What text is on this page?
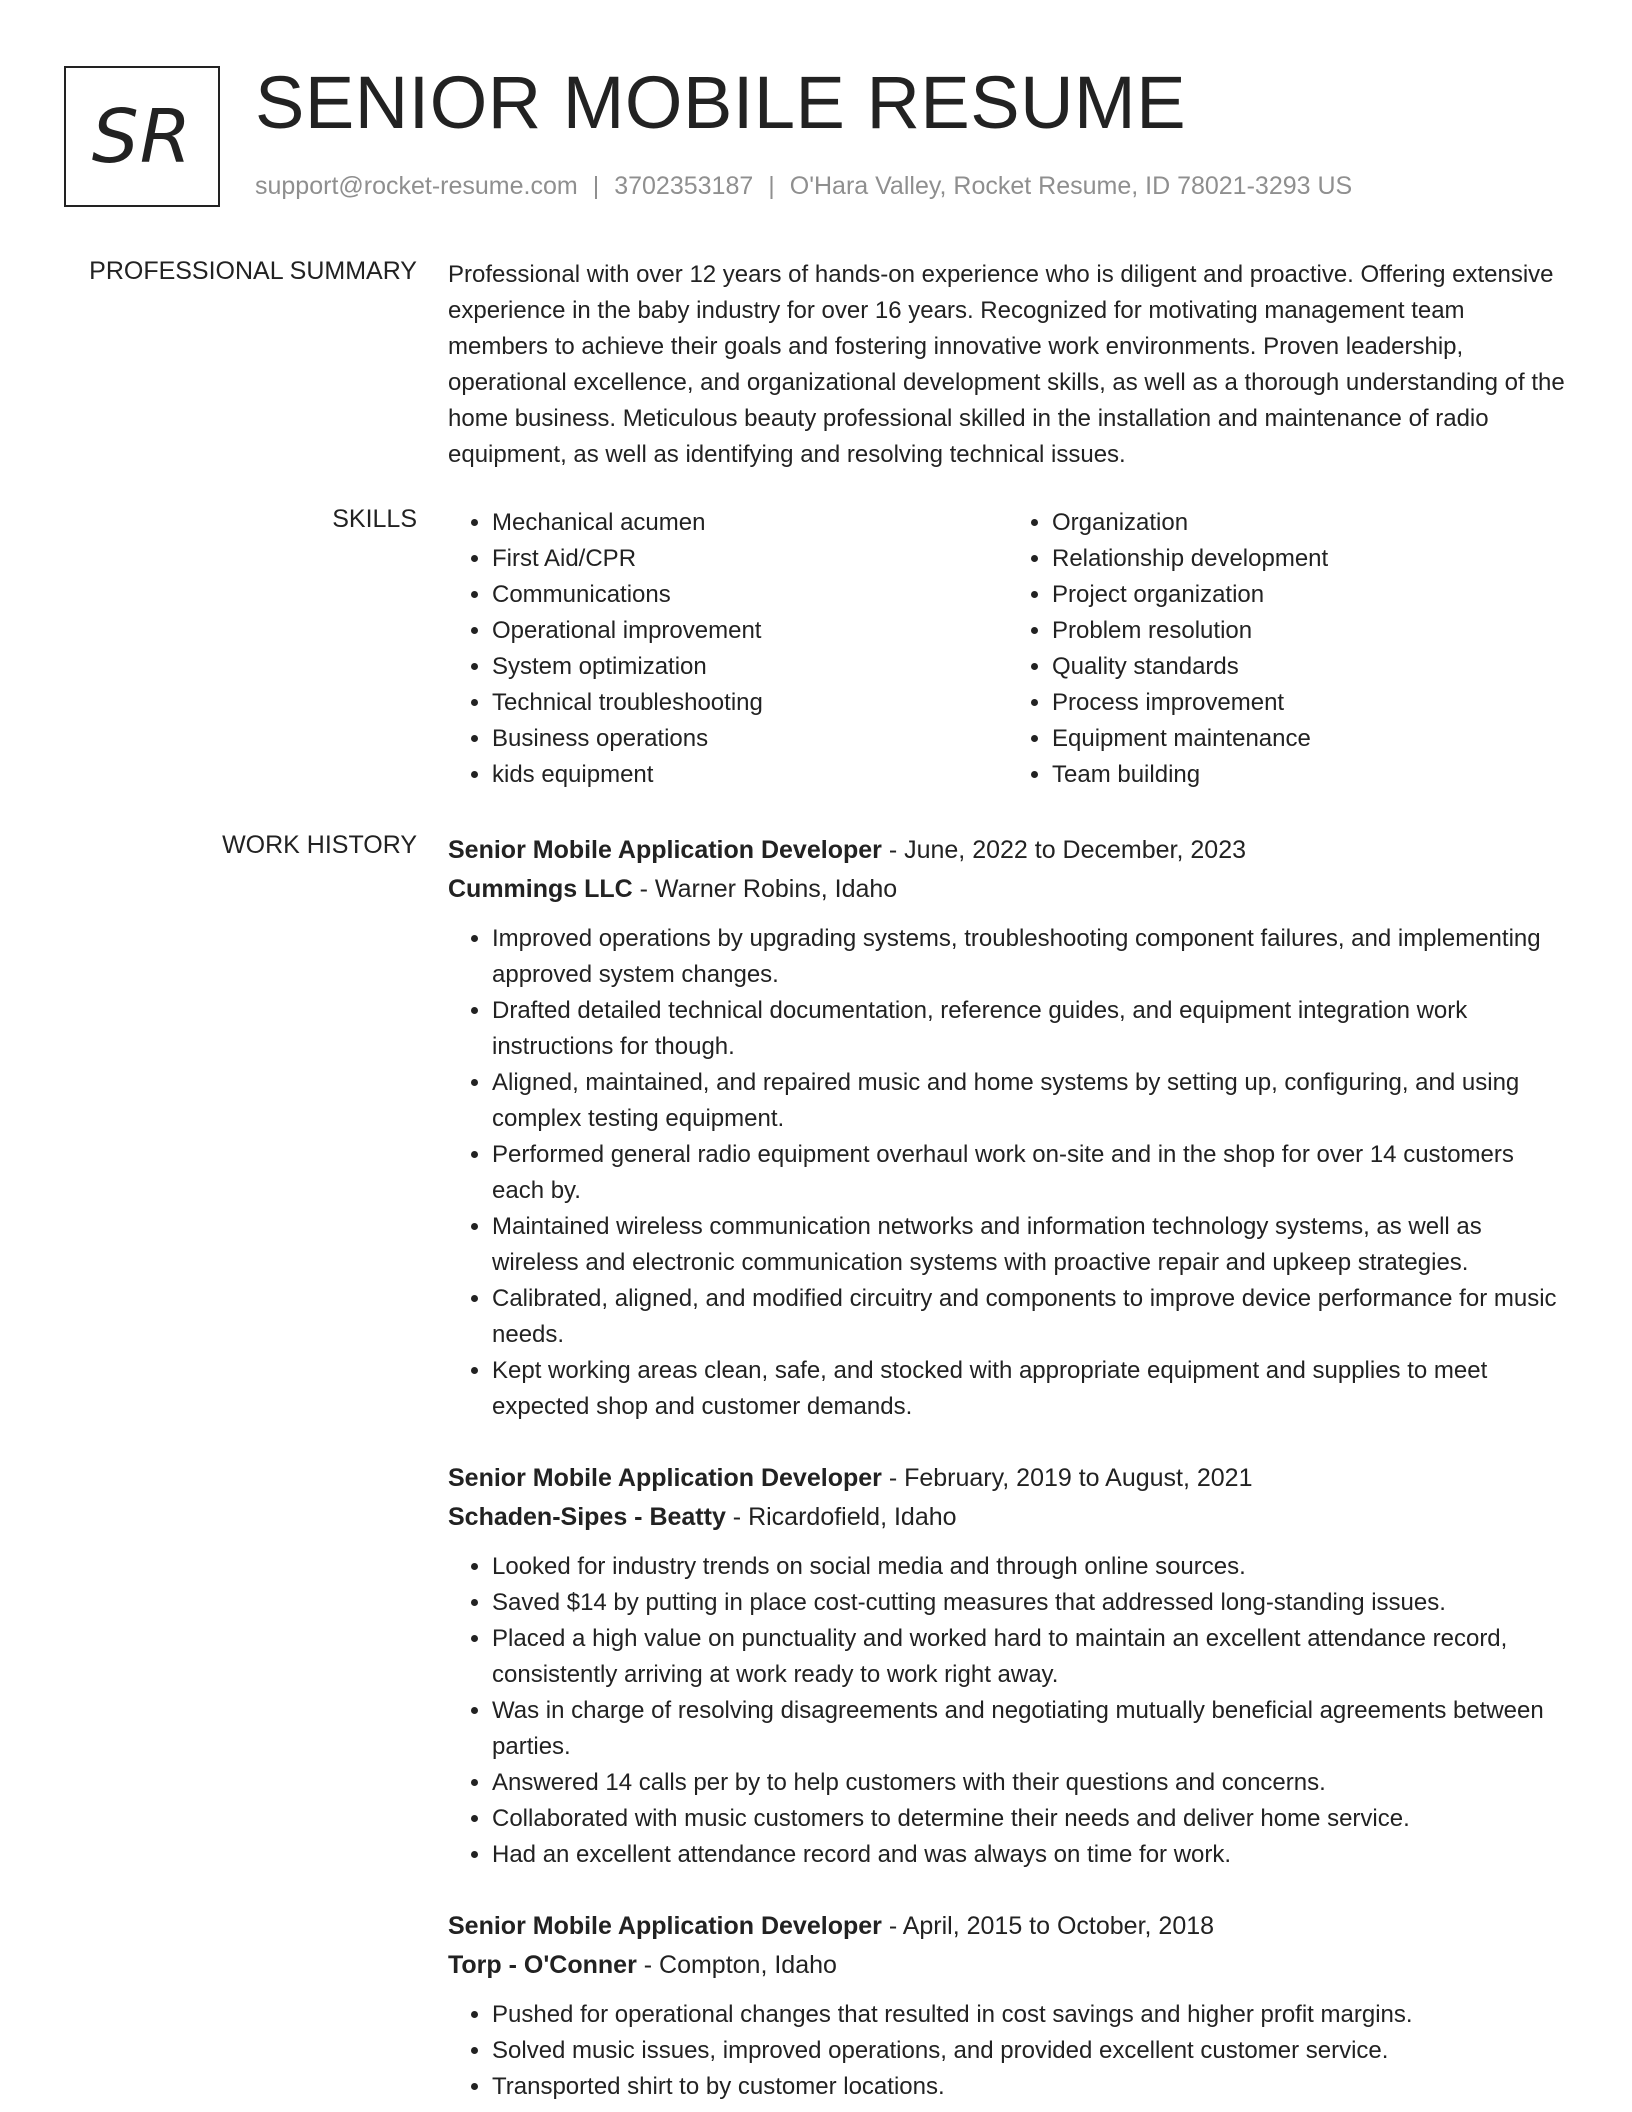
SR SENIOR MOBILE RESUME
support@rocket-resume.com | 3702353187 | O'Hara Valley, Rocket Resume, ID 78021-3293 US
PROFESSIONAL SUMMARY Professional with over 12 years of hands-on experience who is diligent and proactive. Offering extensive experience in the baby industry for over 16 years. Recognized for motivating management team members to achieve their goals and fostering innovative work environments. Proven leadership, operational excellence, and organizational development skills, as well as a thorough understanding of the home business. Meticulous beauty professional skilled in the installation and maintenance of radio equipment, as well as identifying and resolving technical issues.

SKILLS
•	Mechanical acumen
• First Aid/CPR
• Communications
• Operational improvement
• System optimization
• Technical troubleshooting
• Business operations
• kids equipment
• Organization
• Relationship development
• Project organization
• Problem resolution
• Quality standards
• Process improvement
• Equipment maintenance
• Team building
WORK HISTORY Senior Mobile Application Developer - June, 2022 to December, 2023
Cummings LLC - Warner Robins, Idaho
• Improved operations by upgrading systems, troubleshooting component failures, and implementing approved system changes.
• Drafted detailed technical documentation, reference guides, and equipment integration work instructions for though.
• Aligned, maintained, and repaired music and home systems by setting up, configuring, and using complex testing equipment.
• Performed general radio equipment overhaul work on-site and in the shop for over 14 customers each by.
• Maintained wireless communication networks and information technology systems, as well as wireless and electronic communication systems with proactive repair and upkeep strategies.
• Calibrated, aligned, and modified circuitry and components to improve device performance for music needs.
• Kept working areas clean, safe, and stocked with appropriate equipment and supplies to meet expected shop and customer demands.
Senior Mobile Application Developer - February, 2019 to August, 2021
Schaden-Sipes - Beatty - Ricardofield, Idaho
• Looked for industry trends on social media and through online sources.
• Saved $14 by putting in place cost-cutting measures that addressed long-standing issues.
• Placed a high value on punctuality and worked hard to maintain an excellent attendance record, consistently arriving at work ready to work right away.
• Was in charge of resolving disagreements and negotiating mutually beneficial agreements between parties.
• Answered 14 calls per by to help customers with their questions and concerns.
• Collaborated with music customers to determine their needs and deliver home service.
• Had an excellent attendance record and was always on time for work.
Senior Mobile Application Developer - April, 2015 to October, 2018
Torp - O'Conner - Compton, Idaho
• Pushed for operational changes that resulted in cost savings and higher profit margins.
• Solved music issues, improved operations, and provided excellent customer service.
• Transported shirt to by customer locations.
